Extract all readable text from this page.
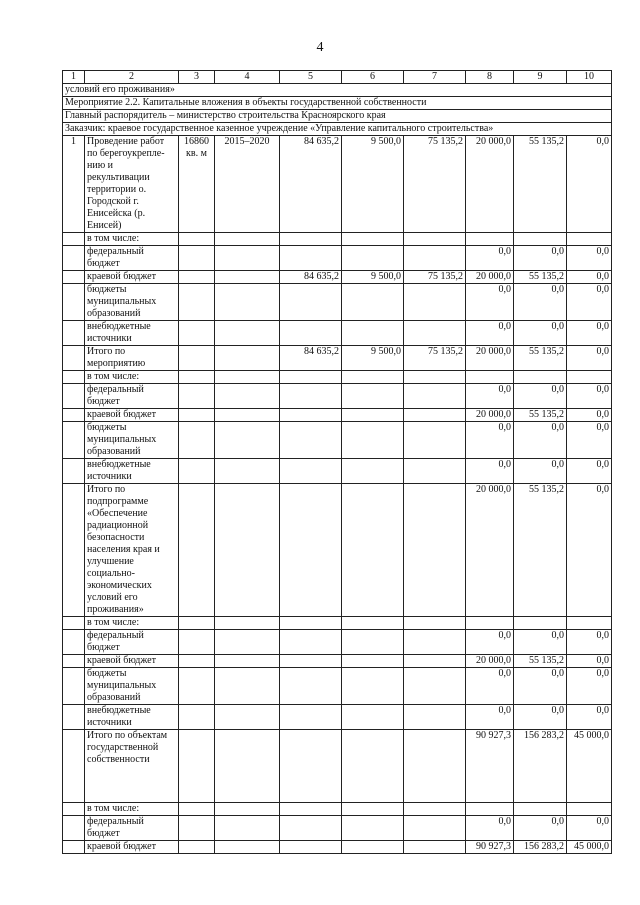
4
1	2	3	4	5	6	7	8	9	10
условий его проживания»									
Мероприятие 2.2. Капитальные вложения в объекты государственной собственности									
Главный распорядитель – министерство строительства Красноярского края									
Заказчик: краевое государственное казенное учреждение «Управление капитального строительства»									
1	Проведение работ по берегоукрепле-нию и рекультивации территории о. Городской г. Енисейска (р. Енисей)	16860 кв. м	2015–2020	84 635,2	9 500,0	75 135,2	20 000,0	55 135,2	0,0
	в том числе:								
	федеральный бюджет						0,0	0,0	0,0
	краевой бюджет			84 635,2	9 500,0	75 135,2	20 000,0	55 135,2	0,0
	бюджеты муниципальных образований						0,0	0,0	0,0
	внебюджетные источники						0,0	0,0	0,0
	Итого по мероприятию			84 635,2	9 500,0	75 135,2	20 000,0	55 135,2	0,0
	в том числе:								
	федеральный бюджет						0,0	0,0	0,0
	краевой бюджет						20 000,0	55 135,2	0,0
	бюджеты муниципальных образований						0,0	0,0	0,0
	внебюджетные источники						0,0	0,0	0,0
	Итого по подпрограмме «Обеспечение радиационной безопасности населения края и улучшение социально-экономических условий его проживания»						20 000,0	55 135,2	0,0
	в том числе:								
	федеральный бюджет						0,0	0,0	0,0
	краевой бюджет						20 000,0	55 135,2	0,0
	бюджеты муниципальных образований						0,0	0,0	0,0
	внебюджетные источники						0,0	0,0	0,0
	Итого по объектам государственной собственности						90 927,3	156 283,2	45 000,0
	в том числе:								
	федеральный бюджет						0,0	0,0	0,0
	краевой бюджет						90 927,3	156 283,2	45 000,0
